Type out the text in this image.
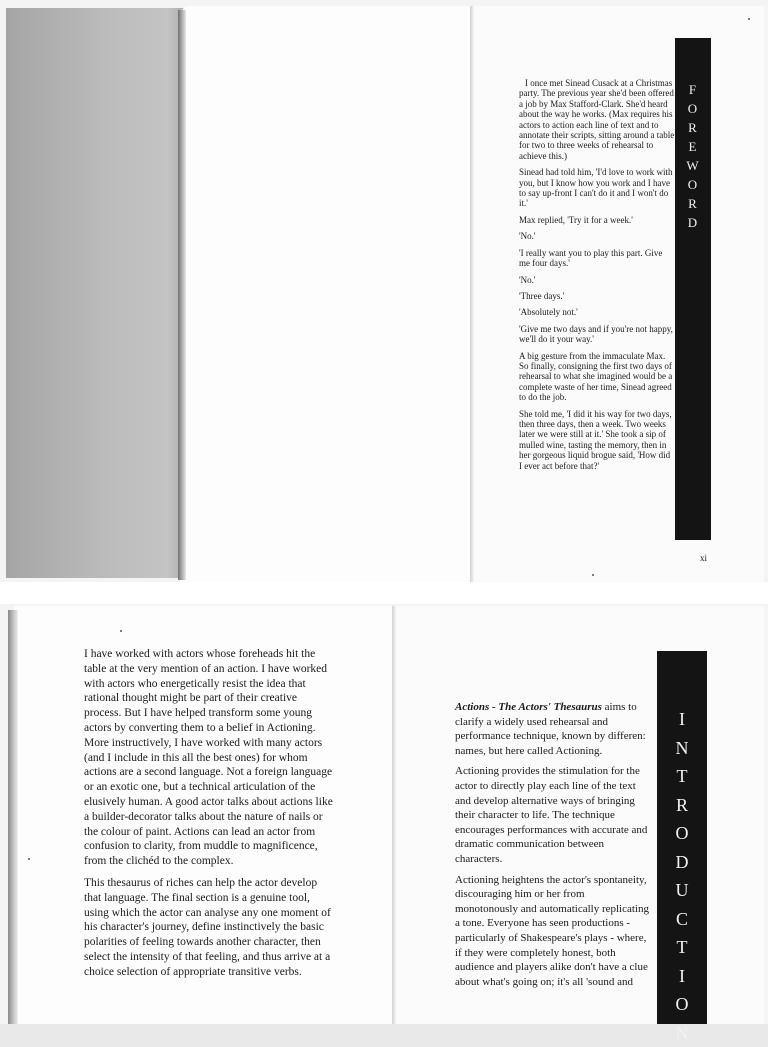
I once met Sinead Cusack at a Christmas party. The previous year she'd been offered a job by Max Stafford-Clark. She'd heard about the way he works. (Max requires his actors to action each line of text and to annotate their scripts, sitting around a table for two to three weeks of rehearsal to achieve this.)

Sinead had told him, 'I'd love to work with you, but I know how you work and I have to say up-front I can't do it and I won't do it.'

Max replied, 'Try it for a week.'

'No.'

'I really want you to play this part. Give me four days.'

'No.'

'Three days.'

'Absolutely not.'

'Give me two days and if you're not happy, we'll do it your way.'

A big gesture from the immaculate Max. So finally, consigning the first two days of rehearsal to what she imagined would be a complete waste of her time, Sinead agreed to do the job.

She told me, 'I did it his way for two days, then three days, then a week. Two weeks later we were still at it.' She took a sip of mulled wine, tasting the memory, then in her gorgeous liquid brogue said, 'How did I ever act before that?'

F
O
R
E
W
O
R
D
xi

I have worked with actors whose foreheads hit the table at the very mention of an action. I have worked with actors who energetically resist the idea that rational thought might be part of their creative process. But I have helped transform some young actors by converting them to a belief in Actioning. More instructively, I have worked with many actors (and I include in this all the best ones) for whom actions are a second language. Not a foreign language or an exotic one, but a technical articulation of the elusively human. A good actor talks about actions like a builder-decorator talks about the nature of nails or the colour of paint. Actions can lead an actor from confusion to clarity, from muddle to magnificence, from the clichéd to the complex.

This thesaurus of riches can help the actor develop that language. The final section is a genuine tool, using which the actor can analyse any one moment of his character's journey, define instinctively the basic polarities of feeling towards another character, then select the intensity of that feeling, and thus arrive at a choice selection of appropriate transitive verbs.

Actions - The Actors' Thesaurus aims to clarify a widely used rehearsal and performance technique, known by differen: names, but here called Actioning.

Actioning provides the stimulation for the actor to directly play each line of the text and develop alternative ways of bringing their character to life. The technique encourages performances with accurate and dramatic communication between characters.

Actioning heightens the actor's spontaneity, discouraging him or her from monotonously and automatically replicating a tone. Everyone has seen productions - particularly of Shakespeare's plays - where, if they were completely honest, both audience and players alike don't have a clue about what's going on; it's all 'sound and

I
N
T
R
O
D
U
C
T
I
O
N
